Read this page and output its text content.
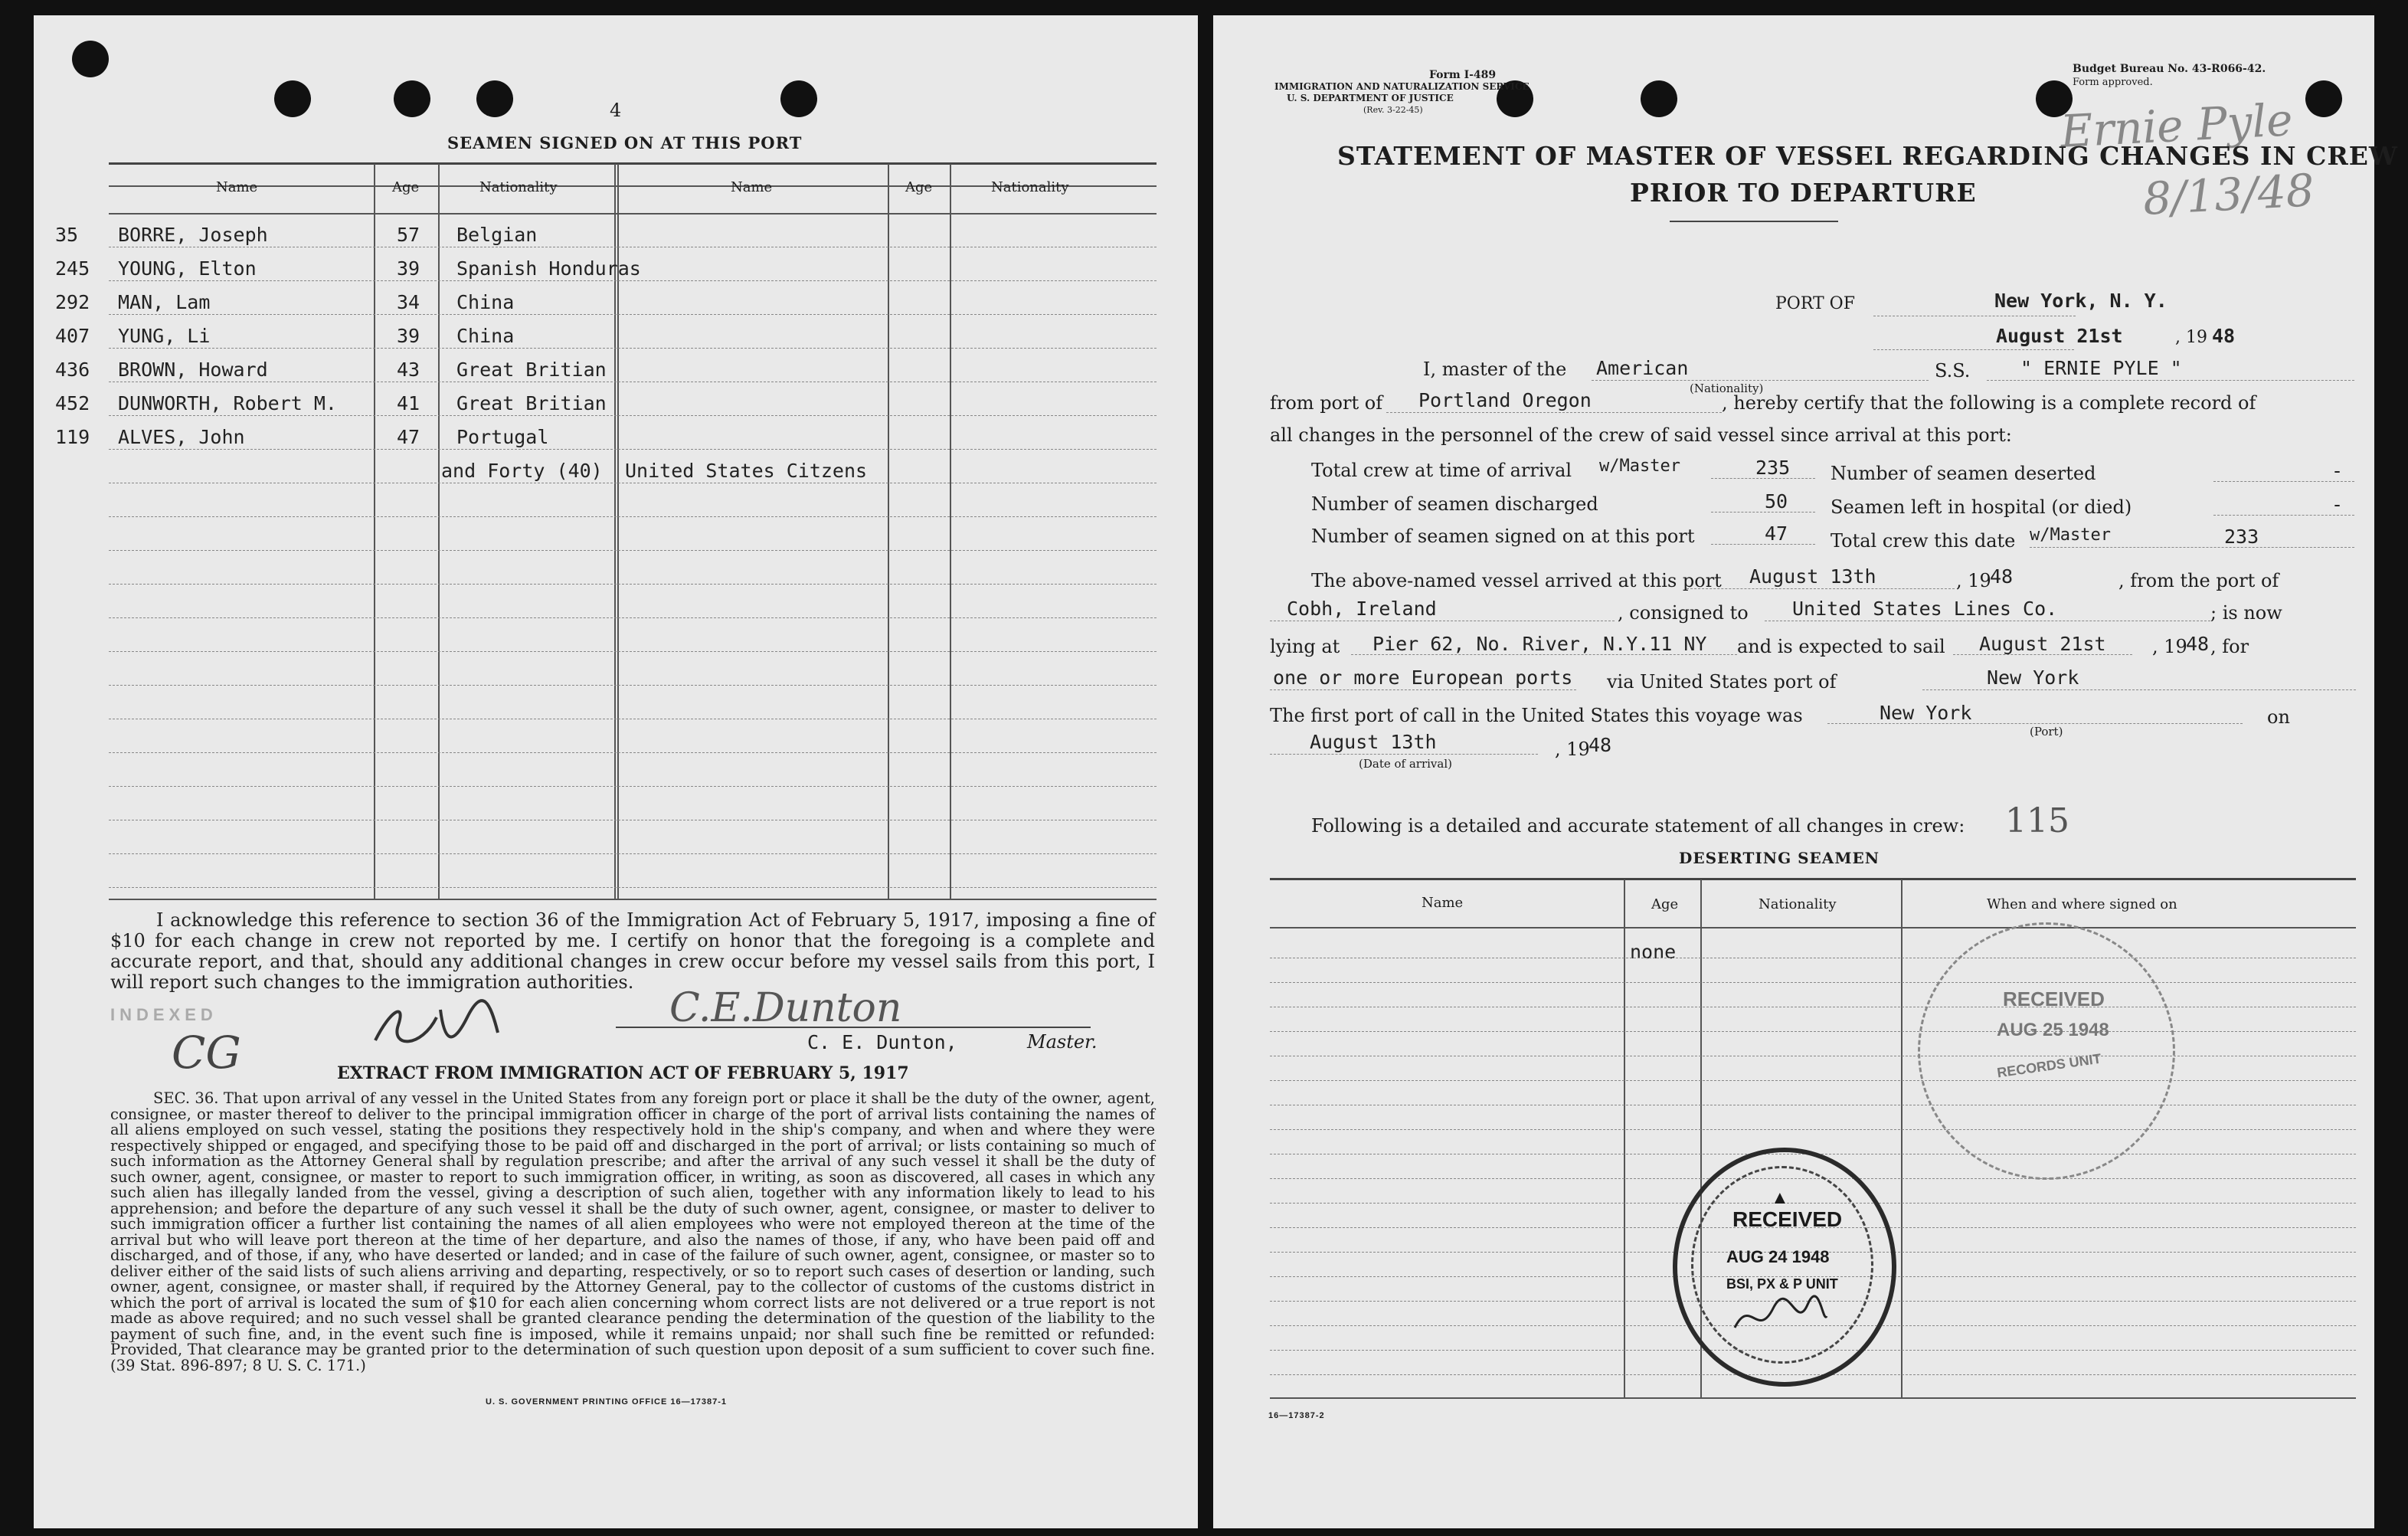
4
SEAMEN SIGNED ON AT THIS PORT
Name	Age	Nationality	Name	Age	Nationality
35 BORRE, Joseph	57 Belgian
245 YOUNG, Elton	39 Spanish Honduras
292 MAN, Lam	34 China
407 YUNG, Li	39 China
436 BROWN, Howard	43 Great Britian
452 DUNWORTH, Robert M.	41 Great Britian
119 ALVES, John	47 Portugal
and Forty (40) United States Citzens
I acknowledge this reference to section 36 of the Immigration Act of February 5, 1917, imposing a fine of $10 for each change in crew not reported by me. I certify on honor that the foregoing is a complete and accurate report, and that, should any additional changes in crew occur before my vessel sails from this port, I will report such changes to the immigration authorities.
INDEXED
CG
C.E.Dunton
C. E. Dunton,	Master.
EXTRACT FROM IMMIGRATION ACT OF FEBRUARY 5, 1917
SEC. 36. That upon arrival of any vessel in the United States from any foreign port or place it shall be the duty of the owner, agent, consignee, or master thereof to deliver to the principal immigration officer in charge of the port of arrival lists containing the names of all aliens employed on such vessel, stating the positions they respectively hold in the ship's company, and when and where they were respectively shipped or engaged, and specifying those to be paid off and discharged in the port of arrival; or lists containing so much of such information as the Attorney General shall by regulation prescribe; and after the arrival of any such vessel it shall be the duty of such owner, agent, consignee, or master to report to such immigration officer, in writing, as soon as discovered, all cases in which any such alien has illegally landed from the vessel, giving a description of such alien, together with any information likely to lead to his apprehension; and before the departure of any such vessel it shall be the duty of such owner, agent, consignee, or master to deliver to such immigration officer a further list containing the names of all alien employees who were not employed thereon at the time of the arrival but who will leave port thereon at the time of her departure, and also the names of those, if any, who have been paid off and discharged, and of those, if any, who have deserted or landed; and in case of the failure of such owner, agent, consignee, or master so to deliver either of the said lists of such aliens arriving and departing, respectively, or so to report such cases of desertion or landing, such owner, agent, consignee, or master shall, if required by the Attorney General, pay to the collector of customs of the customs district in which the port of arrival is located the sum of $10 for each alien concerning whom correct lists are not delivered or a true report is not made as above required; and no such vessel shall be granted clearance pending the determination of the question of the liability to the payment of such fine, and, in the event such fine is imposed, while it remains unpaid; nor shall such fine be remitted or refunded: Provided, That clearance may be granted prior to the determination of such question upon deposit of a sum sufficient to cover such fine. (39 Stat. 896-897; 8 U. S. C. 171.)
U. S. GOVERNMENT PRINTING OFFICE 16—17387-1
Form I-489
IMMIGRATION AND NATURALIZATION SERVICE
U. S. DEPARTMENT OF JUSTICE
(Rev. 3-22-45)
Budget Bureau No. 43-R066-42.
Form approved.
Ernie Pyle
8/13/48
STATEMENT OF MASTER OF VESSEL REGARDING CHANGES IN CREW
PRIOR TO DEPARTURE
PORT OF	New York, N. Y.
August 21st	, 19 48
I, master of the American
(Nationality)
S.S.	" ERNIE PYLE "
from port of Portland Oregon	, hereby certify that the following is a complete record of
all changes in the personnel of the crew of said vessel since arrival at this port:
Total crew at time of arrival w/Master	235
Number of seamen discharged	50
Number of seamen signed on at this port	47
Number of seamen deserted	-
Seamen left in hospital (or died)	-
Total crew this date w/Master	233
The above-named vessel arrived at this port August 13th	, 19
48	, from the port of
Cobh, Ireland	, consigned to United States Lines Co.	; is now
lying at Pier 62, No. River, N.Y.11 NY and is expected to sail August 21st	, 19
48 , for
one or more European ports via United States port of	New York
The first port of call in the United States this voyage was	New York
(Port)
on
August 13th	, 19
48
(Date of arrival)
Following is a detailed and accurate statement of all changes in crew: 115
DESERTING SEAMEN
Name	Age	Nationality	When and where signed on
none
RECEIVED
AUG 25 1948
RECORDS UNIT
▲
RECEIVED
AUG 24 1948
BSI, PX & P UNIT
16—17387-2
